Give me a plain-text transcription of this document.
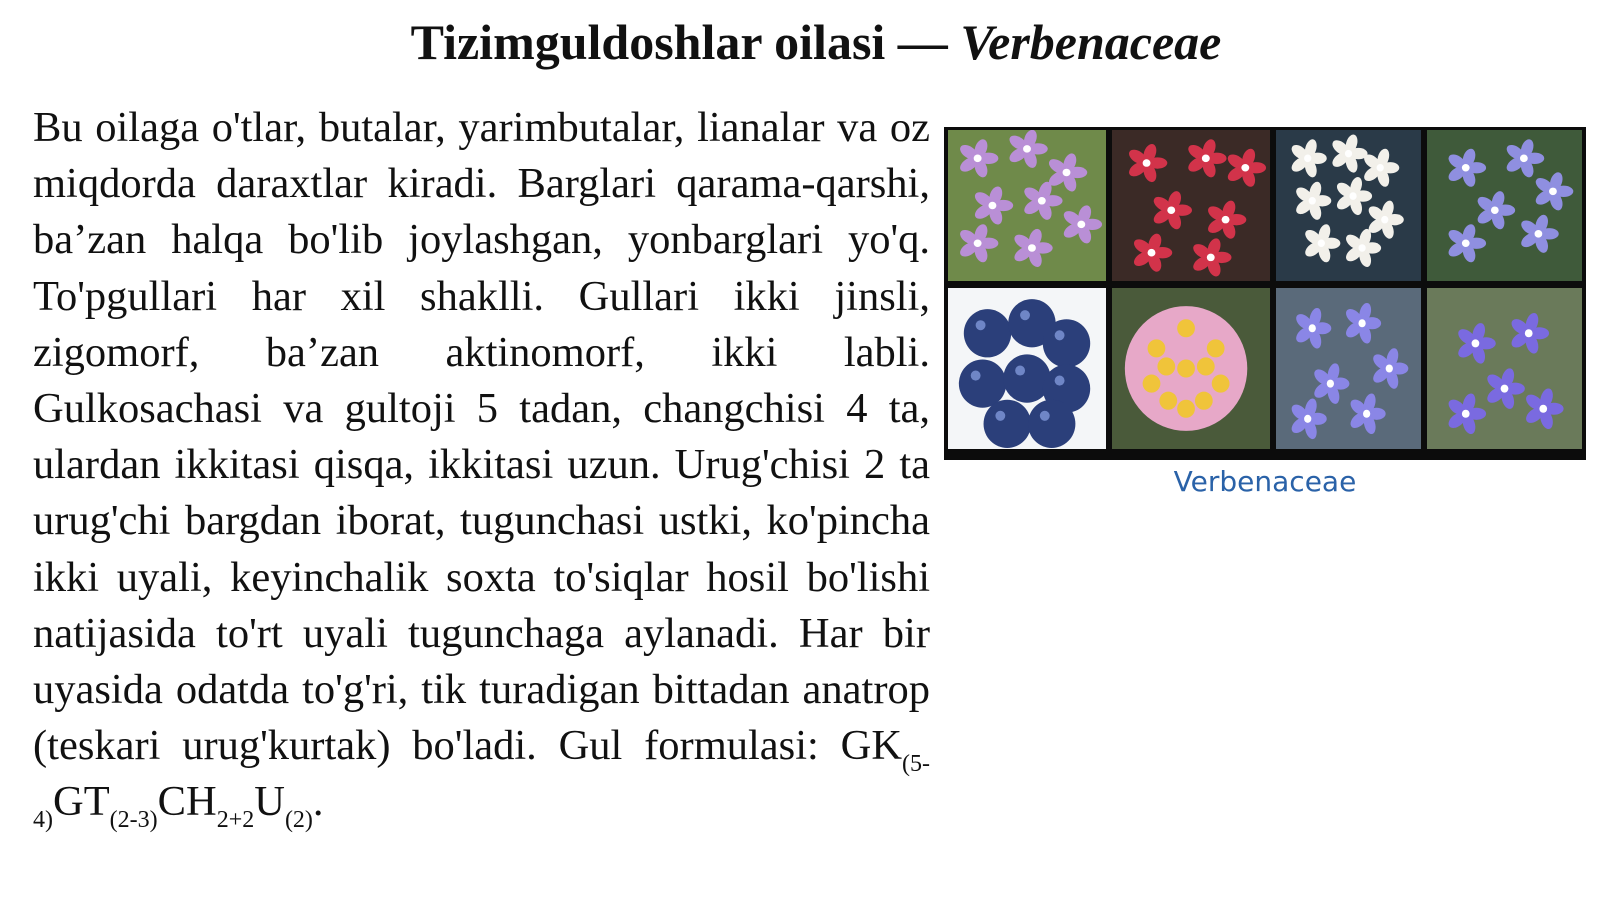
Tizimguldoshlar oilasi — Verbenaceae
Bu oilaga o'tlar, butalar, yarimbutalar, lianalar va oz miqdorda daraxtlar kiradi. Barglari qarama-qarshi, ba’zan halqa bo'lib joylashgan, yonbarglari yo'q. To'pgullari har xil shaklli. Gullari ikki jinsli, zigomorf, ba’zan aktinomorf, ikki labli. Gulkosachasi va gultoji 5 tadan, changchisi 4 ta, ulardan ikkitasi qisqa, ikkitasi uzun. Urug'chisi 2 ta urug'chi bargdan iborat, tugunchasi ustki, ko'pincha ikki uyali, keyinchalik soxta to'siqlar hosil bo'lishi natijasida to'rt uyali tugunchaga aylanadi. Har bir uyasida odatda to'g'ri, tik turadigan bittadan anatrop (teskari urug'kurtak) bo'ladi. Gul formulasi: $GK_{(5-4)}GT_{(2-3)}CH_{2+2}U_{(2)}$.
Verbenaceae
